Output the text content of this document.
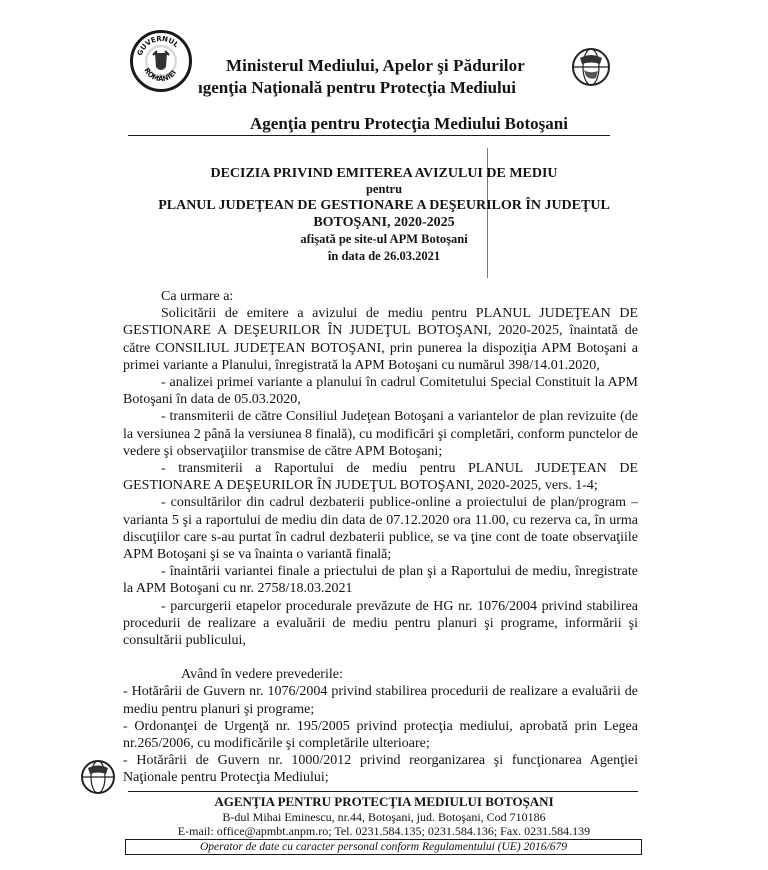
GUVERNUL
ROMÂNIEI	Ministerul Mediului, Apelor şi Pădurilor
ıgenţia Naţională pentru Protecţia Mediului
Agenţia pentru Protecţia Mediului Botoşani
DECIZIA PRIVIND EMITEREA AVIZULUI DE MEDIU
pentru
PLANUL JUDEŢEAN DE GESTIONARE A DEŞEURILOR ÎN JUDEŢUL
BOTOŞANI, 2020-2025
afişată pe site-ul APM Botoşani
în data de 26.03.2021

Ca urmare a:

Solicitării de emitere a avizului de mediu pentru PLANUL JUDEŢEAN DE GESTIONARE A DEŞEURILOR ÎN JUDEŢUL BOTOŞANI, 2020-2025, înaintată de către CONSILIUL JUDEŢEAN BOTOŞANI, prin punerea la dispoziţia APM Botoşani a primei variante a Planului, înregistrată la APM Botoşani cu numărul 398/14.01.2020,

- analizei primei variante a planului în cadrul Comitetului Special Constituit la APM Botoşani în data de 05.03.2020,

- transmiterii de către Consiliul Judeţean Botoşani a variantelor de plan revizuite (de la versiunea 2 până la versiunea 8 finală), cu modificări şi completări, conform punctelor de vedere şi observaţiilor transmise de către APM Botoşani;

- transmiterii a Raportului de mediu pentru PLANUL JUDEŢEAN DE GESTIONARE A DEŞEURILOR ÎN JUDEŢUL BOTOŞANI, 2020-2025, vers. 1-4;

- consultărilor din cadrul dezbaterii publice-online a proiectului de plan/program – varianta 5 şi a raportului de mediu din data de 07.12.2020 ora 11.00, cu rezerva ca, în urma discuţiilor care s-au purtat în cadrul dezbaterii publice, se va ţine cont de toate observaţiile APM Botoşani şi se va înainta o variantă finală;

- înaintării variantei finale a priectului de plan şi a Raportului de mediu, înregistrate la APM Botoşani cu nr. 2758/18.03.2021

- parcurgerii etapelor procedurale prevăzute de HG nr. 1076/2004 privind stabilirea procedurii de realizare a evaluării de mediu pentru planuri şi programe, informării şi consultării publicului,

Având în vedere prevederile:

- Hotărârii de Guvern nr. 1076/2004 privind stabilirea procedurii de realizare a evaluării de mediu pentru planuri şi programe;

- Ordonanţei de Urgenţă nr. 195/2005 privind protecţia mediului, aprobată prin Legea nr.265/2006, cu modificările şi completările ulterioare;

- Hotărârii de Guvern nr. 1000/2012 privind reorganizarea şi funcţionarea Agenţiei Naţionale pentru Protecţia Mediului;

AGENŢIA PENTRU PROTECŢIA MEDIULUI BOTOŞANI
B-dul Mihai Eminescu, nr.44, Botoşani, jud. Botoşani, Cod 710186
E-mail: office@apmbt.anpm.ro; Tel. 0231.584.135; 0231.584.136; Fax. 0231.584.139
Operator de date cu caracter personal conform Regulamentului (UE) 2016/679
